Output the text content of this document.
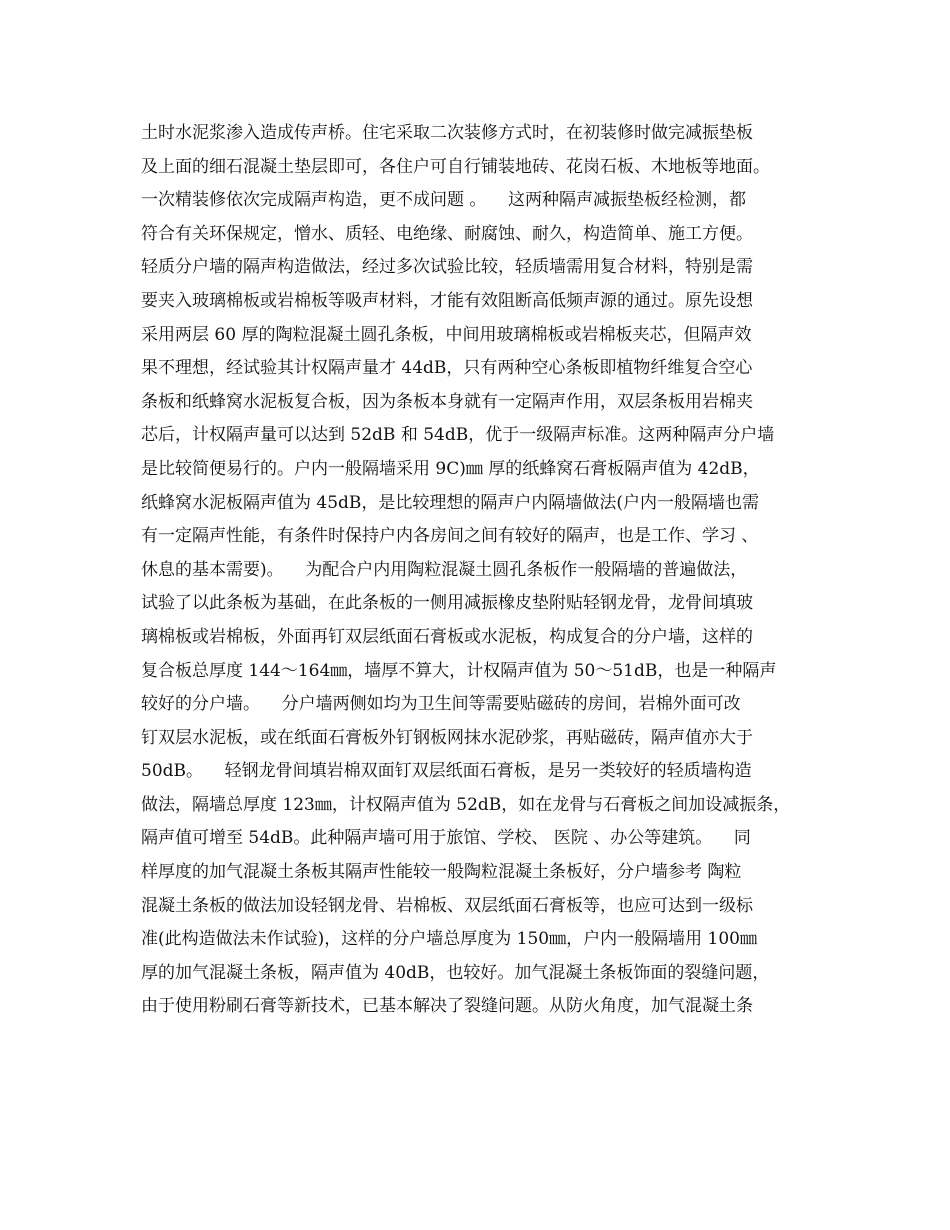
土时水泥浆渗入造成传声桥。住宅采取二次装修方式时，在初装修时做完减振垫板
及上面的细石混凝土垫层即可，各住户可自行铺装地砖、花岗石板、木地板等地面。
一次精装修依次完成隔声构造，更不成问题 。    这两种隔声减振垫板经检测，都
符合有关环保规定，憎水、质轻、电绝缘、耐腐蚀、耐久，构造简单、施工方便。
轻质分户墙的隔声构造做法，经过多次试验比较，轻质墙需用复合材料，特别是需
要夹入玻璃棉板或岩棉板等吸声材料，才能有效阻断高低频声源的通过。原先设想
采用两层 60 厚的陶粒混凝土圆孔条板，中间用玻璃棉板或岩棉板夹芯，但隔声效
果不理想，经试验其计权隔声量才 44dB，只有两种空心条板即植物纤维复合空心
条板和纸蜂窝水泥板复合板，因为条板本身就有一定隔声作用，双层条板用岩棉夹
芯后，计权隔声量可以达到 52dB 和 54dB，优于一级隔声标准。这两种隔声分户墙
是比较简便易行的。户内一般隔墙采用 9C)㎜ 厚的纸蜂窝石膏板隔声值为 42dB，
纸蜂窝水泥板隔声值为 45dB，是比较理想的隔声户内隔墙做法(户内一般隔墙也需
有一定隔声性能，有条件时保持户内各房间之间有较好的隔声，也是工作、学习 、
休息的基本需要)。    为配合户内用陶粒混凝土圆孔条板作一般隔墙的普遍做法，
试验了以此条板为基础，在此条板的一侧用减振橡皮垫附贴轻钢龙骨，龙骨间填玻
璃棉板或岩棉板，外面再钉双层纸面石膏板或水泥板，构成复合的分户墙，这样的
复合板总厚度 144～164㎜，墙厚不算大，计权隔声值为 50～51dB，也是一种隔声
较好的分户墙。    分户墙两侧如均为卫生间等需要贴磁砖的房间，岩棉外面可改
钉双层水泥板，或在纸面石膏板外钉钢板网抹水泥砂浆，再贴磁砖，隔声值亦大于
50dB。    轻钢龙骨间填岩棉双面钉双层纸面石膏板，是另一类较好的轻质墙构造
做法，隔墙总厚度 123㎜，计权隔声值为 52dB，如在龙骨与石膏板之间加设减振条，
隔声值可增至 54dB。此种隔声墙可用于旅馆、学校、 医院 、办公等建筑。    同
样厚度的加气混凝土条板其隔声性能较一般陶粒混凝土条板好，分户墙参考 陶粒
混凝土条板的做法加设轻钢龙骨、岩棉板、双层纸面石膏板等，也应可达到一级标
准(此构造做法未作试验)，这样的分户墙总厚度为 150㎜，户内一般隔墙用 100㎜
厚的加气混凝土条板，隔声值为 40dB，也较好。加气混凝土条板饰面的裂缝问题，
由于使用粉刷石膏等新技术，已基本解决了裂缝问题。从防火角度，加气混凝土条
